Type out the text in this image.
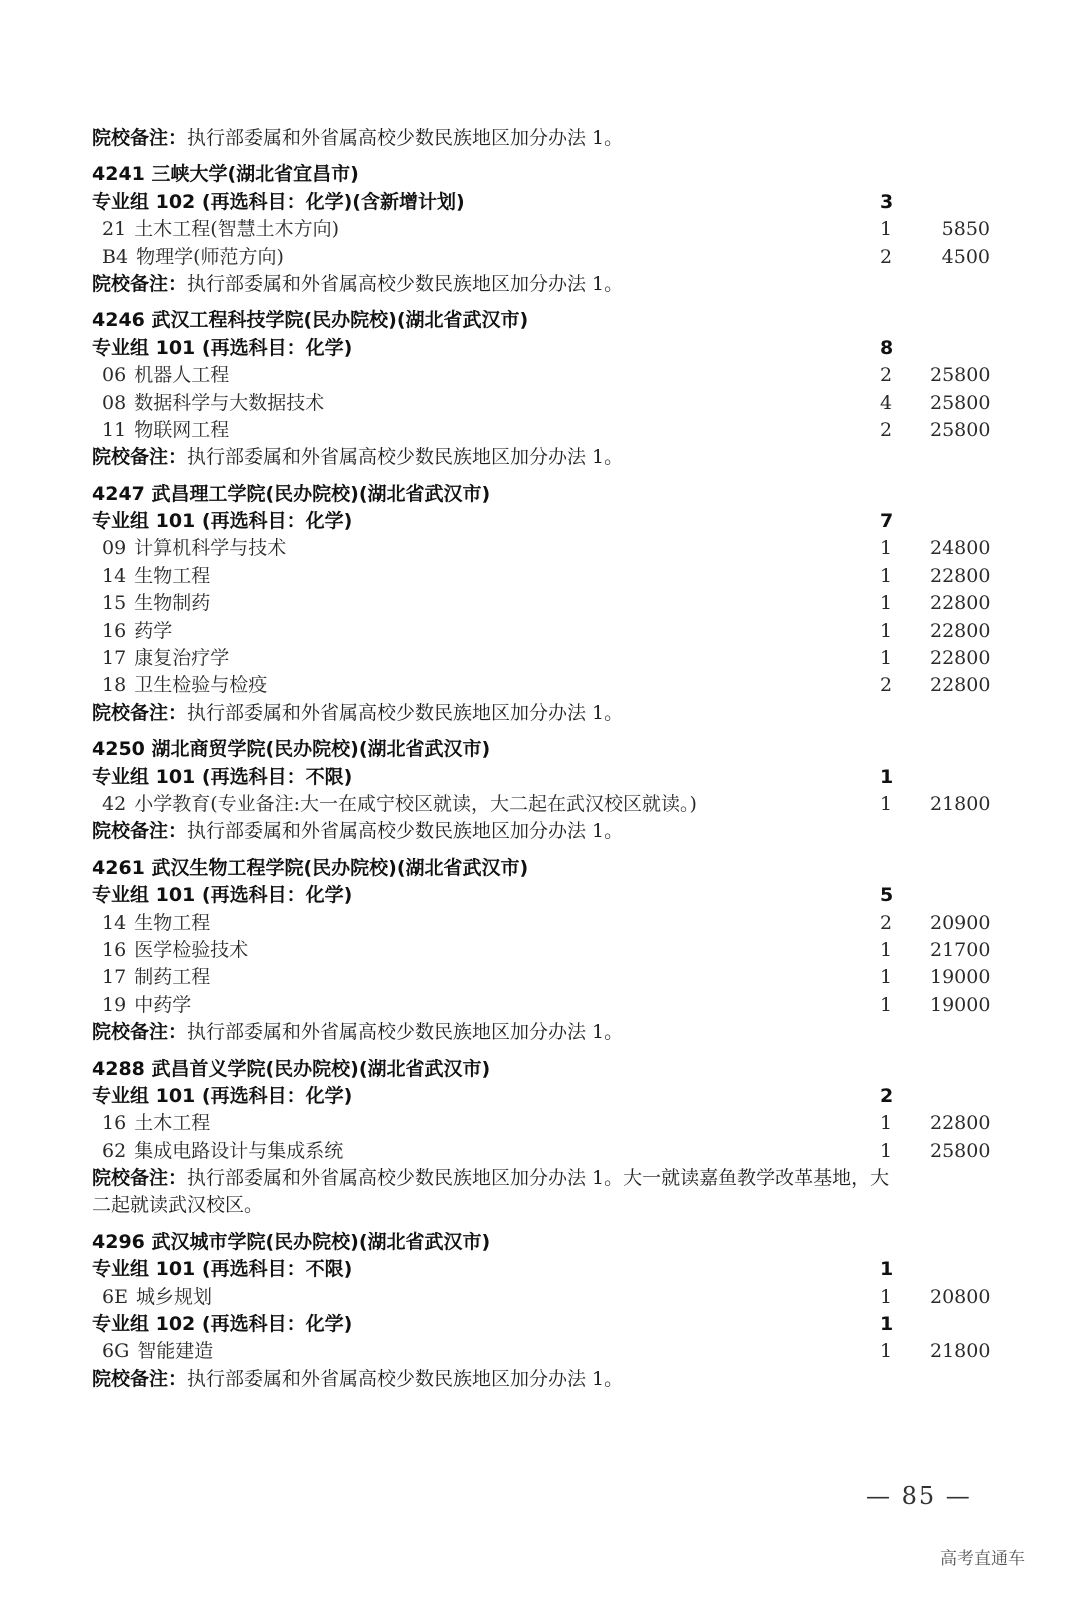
院校备注：执行部委属和外省属高校少数民族地区加分办法 1。
4241 三峡大学(湖北省宜昌市)
专业组 102 (再选科目：化学)(含新增计划)	3
21 土木工程(智慧土木方向)	1	5850
B4 物理学(师范方向)	2	4500
院校备注：执行部委属和外省属高校少数民族地区加分办法 1。
4246 武汉工程科技学院(民办院校)(湖北省武汉市)
专业组 101 (再选科目：化学)	8
06 机器人工程	2	25800
08 数据科学与大数据技术	4	25800
11 物联网工程	2	25800
院校备注：执行部委属和外省属高校少数民族地区加分办法 1。
4247 武昌理工学院(民办院校)(湖北省武汉市)
专业组 101 (再选科目：化学)	7
09 计算机科学与技术	1	24800
14 生物工程	1	22800
15 生物制药	1	22800
16 药学	1	22800
17 康复治疗学	1	22800
18 卫生检验与检疫	2	22800
院校备注：执行部委属和外省属高校少数民族地区加分办法 1。
4250 湖北商贸学院(民办院校)(湖北省武汉市)
专业组 101 (再选科目：不限)	1
42 小学教育(专业备注:大一在咸宁校区就读，大二起在武汉校区就读。)	1	21800
院校备注：执行部委属和外省属高校少数民族地区加分办法 1。
4261 武汉生物工程学院(民办院校)(湖北省武汉市)
专业组 101 (再选科目：化学)	5
14 生物工程	2	20900
16 医学检验技术	1	21700
17 制药工程	1	19000
19 中药学	1	19000
院校备注：执行部委属和外省属高校少数民族地区加分办法 1。
4288 武昌首义学院(民办院校)(湖北省武汉市)
专业组 101 (再选科目：化学)	2
16 土木工程	1	22800
62 集成电路设计与集成系统	1	25800
院校备注：执行部委属和外省属高校少数民族地区加分办法 1。大一就读嘉鱼教学改革基地，大
二起就读武汉校区。
4296 武汉城市学院(民办院校)(湖北省武汉市)
专业组 101 (再选科目：不限)	1
6E 城乡规划	1	20800
专业组 102 (再选科目：化学)	1
6G 智能建造	1	21800
院校备注：执行部委属和外省属高校少数民族地区加分办法 1。
— 85 —
高考直通车
